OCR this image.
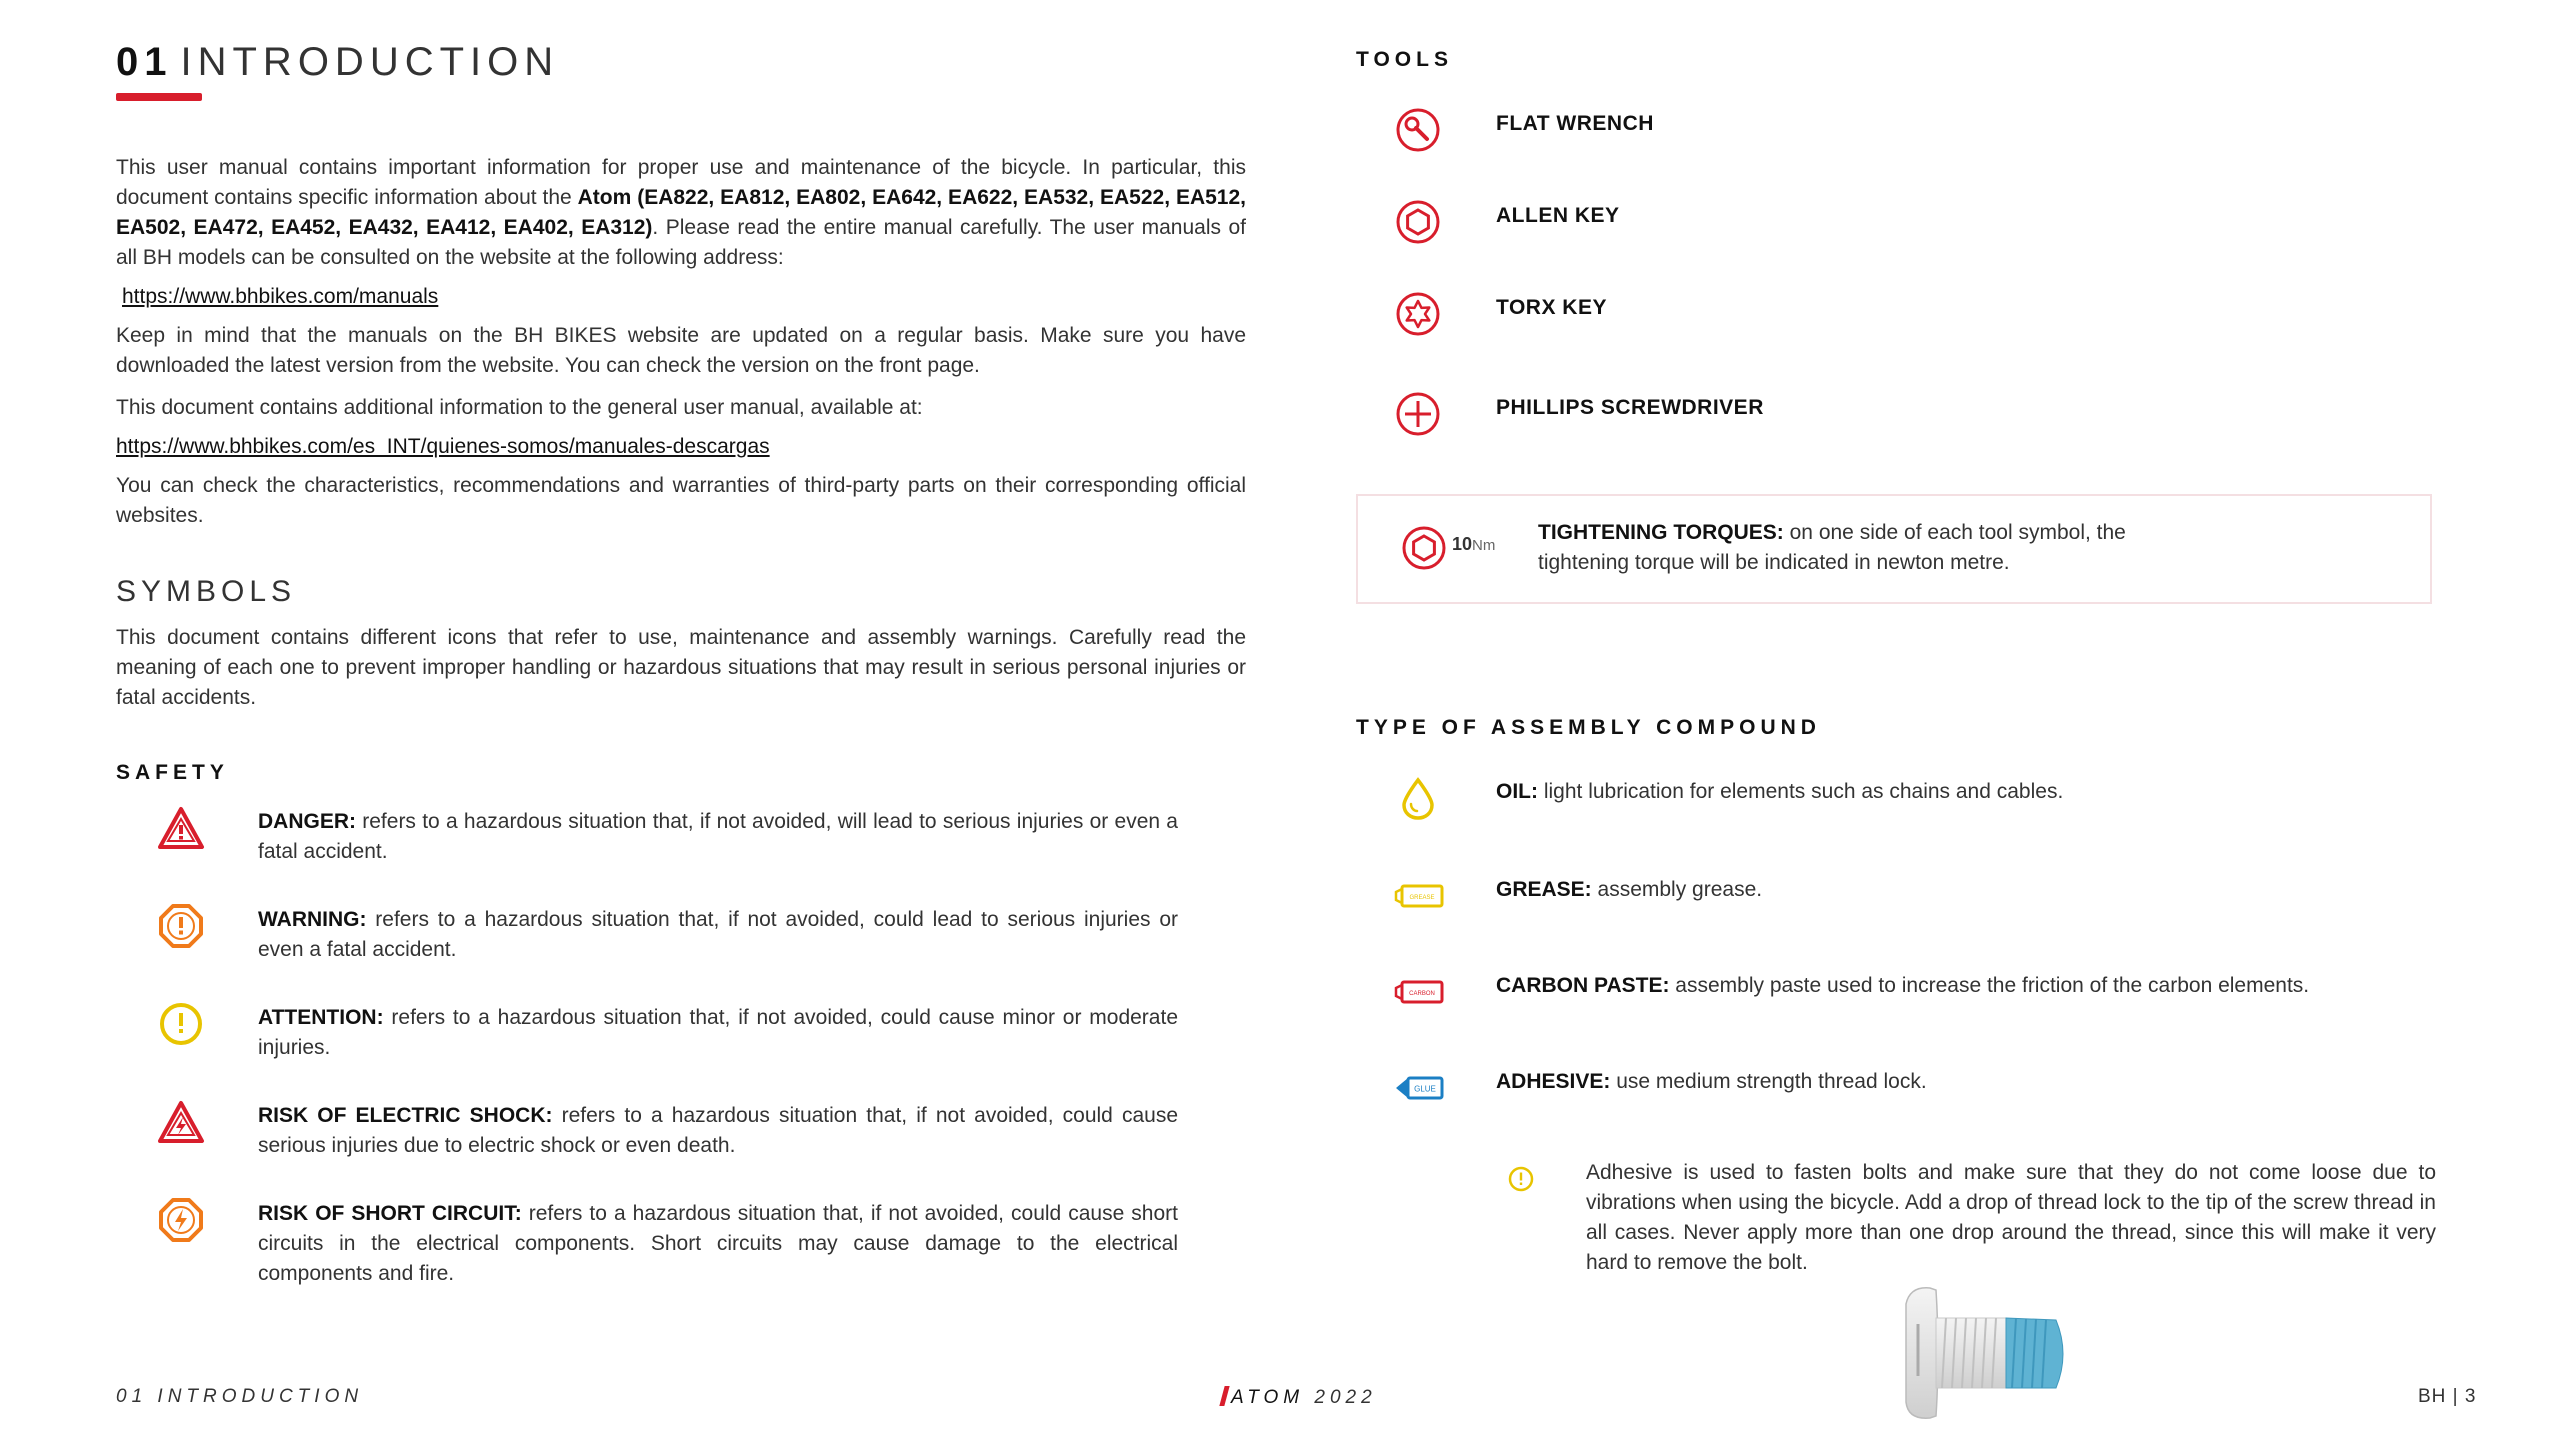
01 INTRODUCTION

This user manual contains important information for proper use and maintenance of the bicycle. In particular, this document contains specific information about the Atom (EA822, EA812, EA802, EA642, EA622, EA532, EA522, EA512, EA502, EA472, EA452, EA432, EA412, EA402, EA312). Please read the entire manual carefully. The user manuals of all BH models can be consulted on the website at the following address:

https://www.bhbikes.com/manuals

Keep in mind that the manuals on the BH BIKES website are updated on a regular basis. Make sure you have downloaded the latest version from the website. You can check the version on the front page.

This document contains additional information to the general user manual, available at:

https://www.bhbikes.com/es_INT/quienes-somos/manuales-descargas

You can check the characteristics, recommendations and warranties of third-party parts on their corresponding official websites.

SYMBOLS

This document contains different icons that refer to use, maintenance and assembly warnings. Carefully read the meaning of each one to prevent improper handling or hazardous situations that may result in serious personal injuries or fatal accidents.

SAFETY
DANGER: refers to a hazardous situation that, if not avoided, will lead to serious injuries or even a fatal accident.
WARNING: refers to a hazardous situation that, if not avoided, could lead to serious injuries or even a fatal accident.
ATTENTION: refers to a hazardous situation that, if not avoided, could cause minor or moderate injuries.
RISK OF ELECTRIC SHOCK: refers to a hazardous situation that, if not avoided, could cause serious injuries due to electric shock or even death.
RISK OF SHORT CIRCUIT: refers to a hazardous situation that, if not avoided, could cause short circuits in the electrical components. Short circuits may cause damage to the electrical components and fire.
TOOLS
FLAT WRENCH
ALLEN KEY
TORX KEY
PHILLIPS SCREWDRIVER
10Nm
TIGHTENING TORQUES: on one side of each tool symbol, the tightening torque will be indicated in newton metre.
TYPE OF ASSEMBLY COMPOUND
OIL: light lubrication for elements such as chains and cables.
GREASE	GREASE: assembly grease.
CARBON	CARBON PASTE: assembly paste used to increase the friction of the carbon elements.
GLUE	ADHESIVE: use medium strength thread lock.

Adhesive is used to fasten bolts and make sure that they do not come loose due to vibrations when using the bicycle. Add a drop of thread lock to the tip of the screw thread in all cases. Never apply more than one drop around the thread, since this will make it very hard to remove the bolt.

01 INTRODUCTION	ATOM 2022	BH | 3
